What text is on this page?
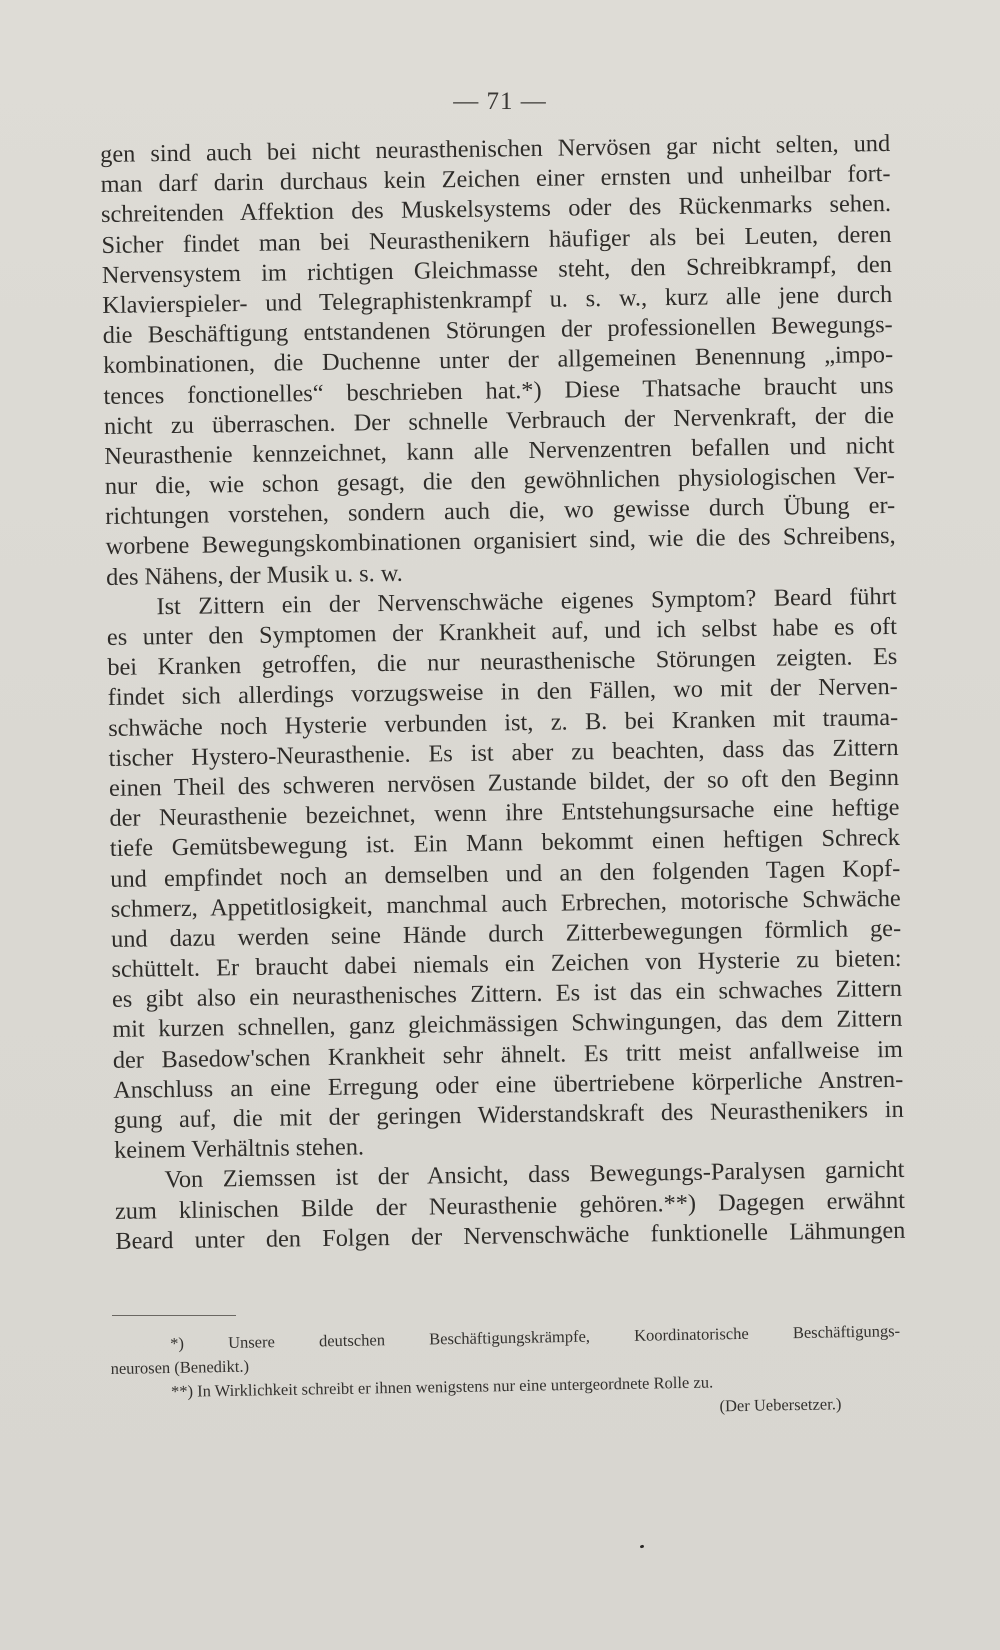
— 71 —
gen sind auch bei nicht neurasthenischen Nervösen gar nicht selten, und
man darf darin durchaus kein Zeichen einer ernsten und unheilbar fort-
schreitenden Affektion des Muskelsystems oder des Rückenmarks sehen.
Sicher findet man bei Neurasthenikern häufiger als bei Leuten, deren
Nervensystem im richtigen Gleichmasse steht, den Schreibkrampf, den
Klavierspieler- und Telegraphistenkrampf u. s. w., kurz alle jene durch
die Beschäftigung entstandenen Störungen der professionellen Bewegungs-
kombinationen, die Duchenne unter der allgemeinen Benennung „impo-
tences fonctionelles“ beschrieben hat.*) Diese Thatsache braucht uns
nicht zu überraschen. Der schnelle Verbrauch der Nervenkraft, der die
Neurasthenie kennzeichnet, kann alle Nervenzentren befallen und nicht
nur die, wie schon gesagt, die den gewöhnlichen physiologischen Ver-
richtungen vorstehen, sondern auch die, wo gewisse durch Übung er-
worbene Bewegungskombinationen organisiert sind, wie die des Schreibens,
des Nähens, der Musik u. s. w.
Ist Zittern ein der Nervenschwäche eigenes Symptom? Beard führt
es unter den Symptomen der Krankheit auf, und ich selbst habe es oft
bei Kranken getroffen, die nur neurasthenische Störungen zeigten. Es
findet sich allerdings vorzugsweise in den Fällen, wo mit der Nerven-
schwäche noch Hysterie verbunden ist, z. B. bei Kranken mit trauma-
tischer Hystero-Neurasthenie. Es ist aber zu beachten, dass das Zittern
einen Theil des schweren nervösen Zustande bildet, der so oft den Beginn
der Neurasthenie bezeichnet, wenn ihre Entstehungsursache eine heftige
tiefe Gemütsbewegung ist. Ein Mann bekommt einen heftigen Schreck
und empfindet noch an demselben und an den folgenden Tagen Kopf-
schmerz, Appetitlosigkeit, manchmal auch Erbrechen, motorische Schwäche
und dazu werden seine Hände durch Zitterbewegungen förmlich ge-
schüttelt. Er braucht dabei niemals ein Zeichen von Hysterie zu bieten:
es gibt also ein neurasthenisches Zittern. Es ist das ein schwaches Zittern
mit kurzen schnellen, ganz gleichmässigen Schwingungen, das dem Zittern
der Basedow'schen Krankheit sehr ähnelt. Es tritt meist anfallweise im
Anschluss an eine Erregung oder eine übertriebene körperliche Anstren-
gung auf, die mit der geringen Widerstandskraft des Neurasthenikers in
keinem Verhältnis stehen.
Von Ziemssen ist der Ansicht, dass Bewegungs-Paralysen garnicht
zum klinischen Bilde der Neurasthenie gehören.**) Dagegen erwähnt
Beard unter den Folgen der Nervenschwäche funktionelle Lähmungen
*) Unsere deutschen Beschäftigungskrämpfe, Koordinatorische Beschäftigungs-
neurosen (Benedikt.)
**) In Wirklichkeit schreibt er ihnen wenigstens nur eine untergeordnete Rolle zu.
(Der Uebersetzer.)
